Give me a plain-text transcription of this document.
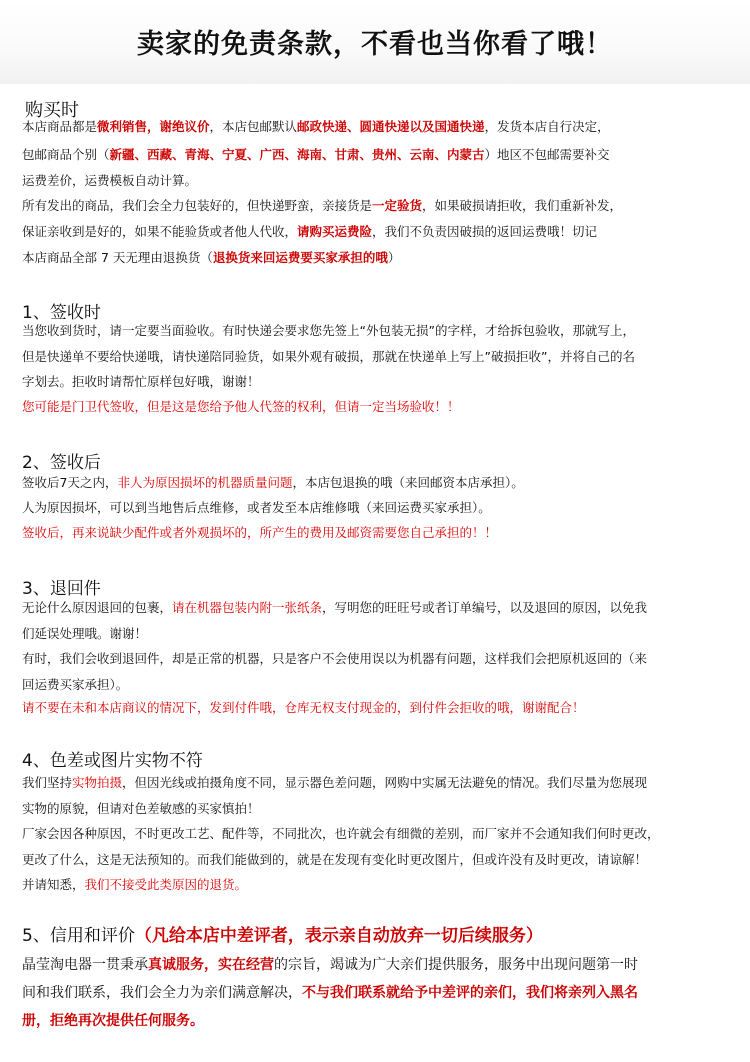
卖家的免责条款，不看也当你看了哦！
购买时
本店商品都是微利销售，谢绝议价，本店包邮默认邮政快递、圆通快递以及国通快递，发货本店自行决定，
包邮商品个别（新疆、西藏、青海、宁夏、广西、海南、甘肃、贵州、云南、内蒙古）地区不包邮需要补交
运费差价，运费模板自动计算。
所有发出的商品，我们会全力包装好的，但快递野蛮，亲接货是一定验货，如果破损请拒收，我们重新补发，
保证亲收到是好的，如果不能验货或者他人代收，请购买运费险，我们不负责因破损的返回运费哦！切记
本店商品全部 7 天无理由退换货（退换货来回运费要买家承担的哦）
1、签收时
当您收到货时，请一定要当面验收。有时快递会要求您先签上“外包装无损”的字样，才给拆包验收，那就写上，
但是快递单不要给快递哦，请快递陪同验货，如果外观有破损，那就在快递单上写上”破损拒收”，并将自己的名
字划去。拒收时请帮忙原样包好哦，谢谢！
您可能是门卫代签收，但是这是您给予他人代签的权利，但请一定当场验收！！
2、签收后
签收后7天之内，非人为原因损坏的机器质量问题，本店包退换的哦（来回邮资本店承担）。
人为原因损坏，可以到当地售后点维修，或者发至本店维修哦（来回运费买家承担）。
签收后，再来说缺少配件或者外观损坏的，所产生的费用及邮资需要您自己承担的！！
3、退回件
无论什么原因退回的包裹，请在机器包装内附一张纸条，写明您的旺旺号或者订单编号，以及退回的原因，以免我
们延误处理哦。谢谢！
有时，我们会收到退回件，却是正常的机器，只是客户不会使用误以为机器有问题，这样我们会把原机返回的（来
回运费买家承担）。
请不要在未和本店商议的情况下，发到付件哦，仓库无权支付现金的，到付件会拒收的哦，谢谢配合！
4、色差或图片实物不符
我们坚持实物拍摄，但因光线或拍摄角度不同，显示器色差问题，网购中实属无法避免的情况。我们尽量为您展现
实物的原貌，但请对色差敏感的买家慎拍！
厂家会因各种原因，不时更改工艺、配件等，不同批次，也许就会有细微的差别，而厂家并不会通知我们何时更改，
更改了什么，这是无法预知的。而我们能做到的，就是在发现有变化时更改图片，但或许没有及时更改，请谅解！
并请知悉，我们不接受此类原因的退货。
5、信用和评价（凡给本店中差评者，表示亲自动放弃一切后续服务）
晶莹淘电器一贯秉承真诚服务，实在经营的宗旨，竭诚为广大亲们提供服务，服务中出现问题第一时
间和我们联系，我们会全力为亲们满意解决，不与我们联系就给予中差评的亲们，我们将亲列入黑名
册，拒绝再次提供任何服务。
